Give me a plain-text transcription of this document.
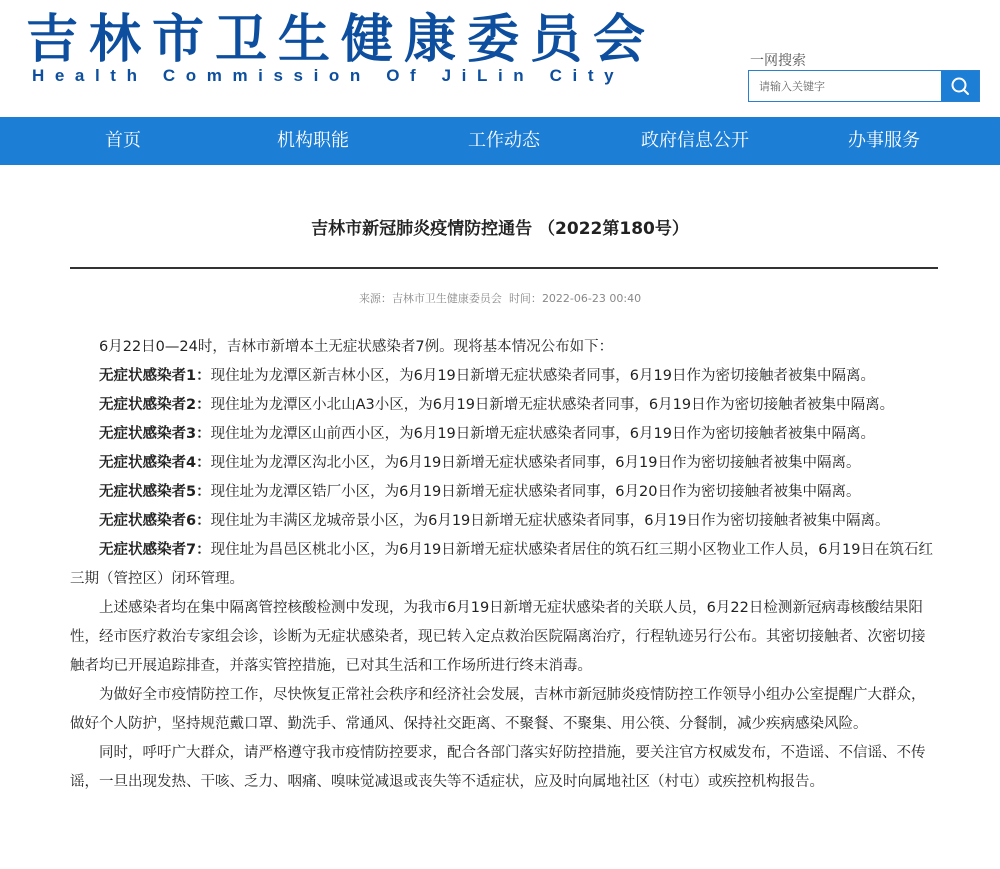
吉林市卫生健康委员会
Health Commission Of JiLin City
一网搜索
请输入关键字
首页	机构职能	工作动态	政府信息公开	办事服务
吉林市新冠肺炎疫情防控通告 （2022第180号）
来源：吉林市卫生健康委员会 时间：2022-06-23 00:40

6月22日0—24时，吉林市新增本土无症状感染者7例。现将基本情况公布如下：

无症状感染者1：现住址为龙潭区新吉林小区，为6月19日新增无症状感染者同事，6月19日作为密切接触者被集中隔离。

无症状感染者2：现住址为龙潭区小北山A3小区，为6月19日新增无症状感染者同事，6月19日作为密切接触者被集中隔离。

无症状感染者3：现住址为龙潭区山前西小区，为6月19日新增无症状感染者同事，6月19日作为密切接触者被集中隔离。

无症状感染者4：现住址为龙潭区沟北小区，为6月19日新增无症状感染者同事，6月19日作为密切接触者被集中隔离。

无症状感染者5：现住址为龙潭区锆厂小区，为6月19日新增无症状感染者同事，6月20日作为密切接触者被集中隔离。

无症状感染者6：现住址为丰满区龙城帝景小区，为6月19日新增无症状感染者同事，6月19日作为密切接触者被集中隔离。

无症状感染者7：现住址为昌邑区桃北小区，为6月19日新增无症状感染者居住的筑石红三期小区物业工作人员，6月19日在筑石红三期（管控区）闭环管理。

上述感染者均在集中隔离管控核酸检测中发现，为我市6月19日新增无症状感染者的关联人员，6月22日检测新冠病毒核酸结果阳性，经市医疗救治专家组会诊，诊断为无症状感染者，现已转入定点救治医院隔离治疗，行程轨迹另行公布。其密切接触者、次密切接触者均已开展追踪排查，并落实管控措施，已对其生活和工作场所进行终末消毒。

为做好全市疫情防控工作，尽快恢复正常社会秩序和经济社会发展，吉林市新冠肺炎疫情防控工作领导小组办公室提醒广大群众，做好个人防护，坚持规范戴口罩、勤洗手、常通风、保持社交距离、不聚餐、不聚集、用公筷、分餐制，减少疾病感染风险。

同时，呼吁广大群众，请严格遵守我市疫情防控要求，配合各部门落实好防控措施，要关注官方权威发布，不造谣、不信谣、不传谣，一旦出现发热、干咳、乏力、咽痛、嗅味觉减退或丧失等不适症状，应及时向属地社区（村屯）或疾控机构报告。
